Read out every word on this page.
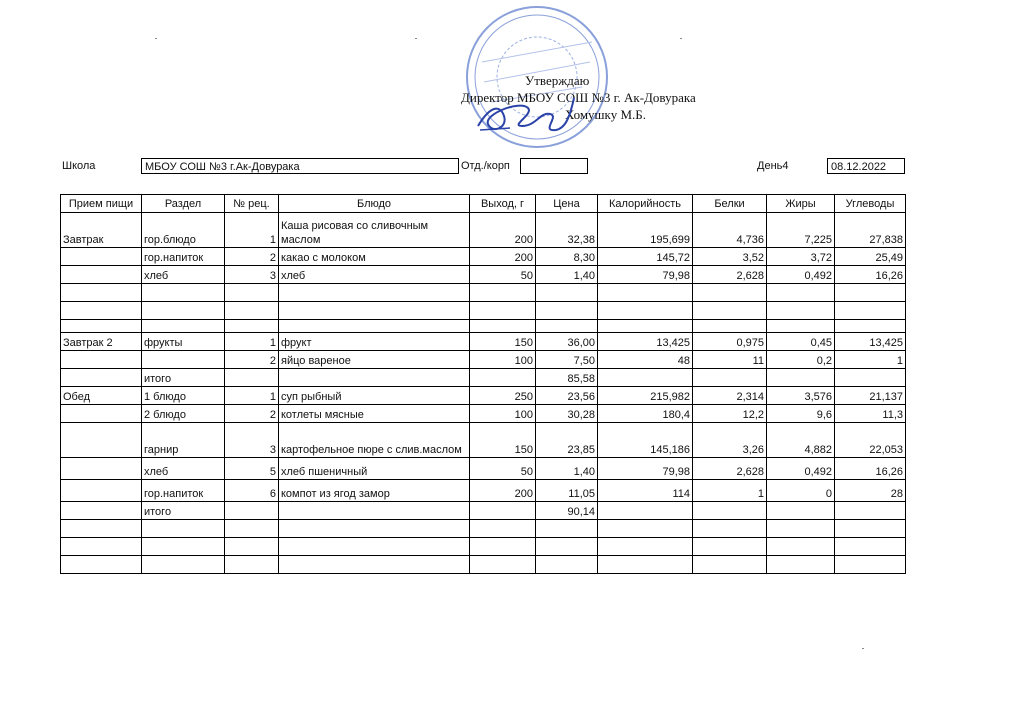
Утверждаю
Директор МБОУ СОШ №3 г. Ак-Довурака
Хомушку М.Б.
Школа	МБОУ СОШ №3 г.Ак-Довурака	Отд./корп	День4	08.12.2022
Прием пищи	Раздел	№ рец.	Блюдо	Выход, г	Цена	Калорийность	Белки	Жиры	Углеводы
Завтрак	гор.блюдо	1	Каша рисовая со сливочным маслом	200	32,38	195,699	4,736	7,225	27,838
	гор.напиток	2	какао с молоком	200	8,30	145,72	3,52	3,72	25,49
	хлеб	3	хлеб	50	1,40	79,98	2,628	0,492	16,26

Завтрак 2	фрукты	1	фрукт	150	36,00	13,425	0,975	0,45	13,425
		2	яйцо вареное	100	7,50	48	11	0,2	1
	итого				85,58				
Обед	1 блюдо	1	суп рыбный	250	23,56	215,982	2,314	3,576	21,137
	2 блюдо	2	котлеты мясные	100	30,28	180,4	12,2	9,6	11,3
	гарнир	3	картофельное пюре с слив.маслом	150	23,85	145,186	3,26	4,882	22,053
	хлеб	5	хлеб пшеничный	50	1,40	79,98	2,628	0,492	16,26
	гор.напиток	6	компот из ягод замор	200	11,05	114	1	0	28
	итого				90,14				
